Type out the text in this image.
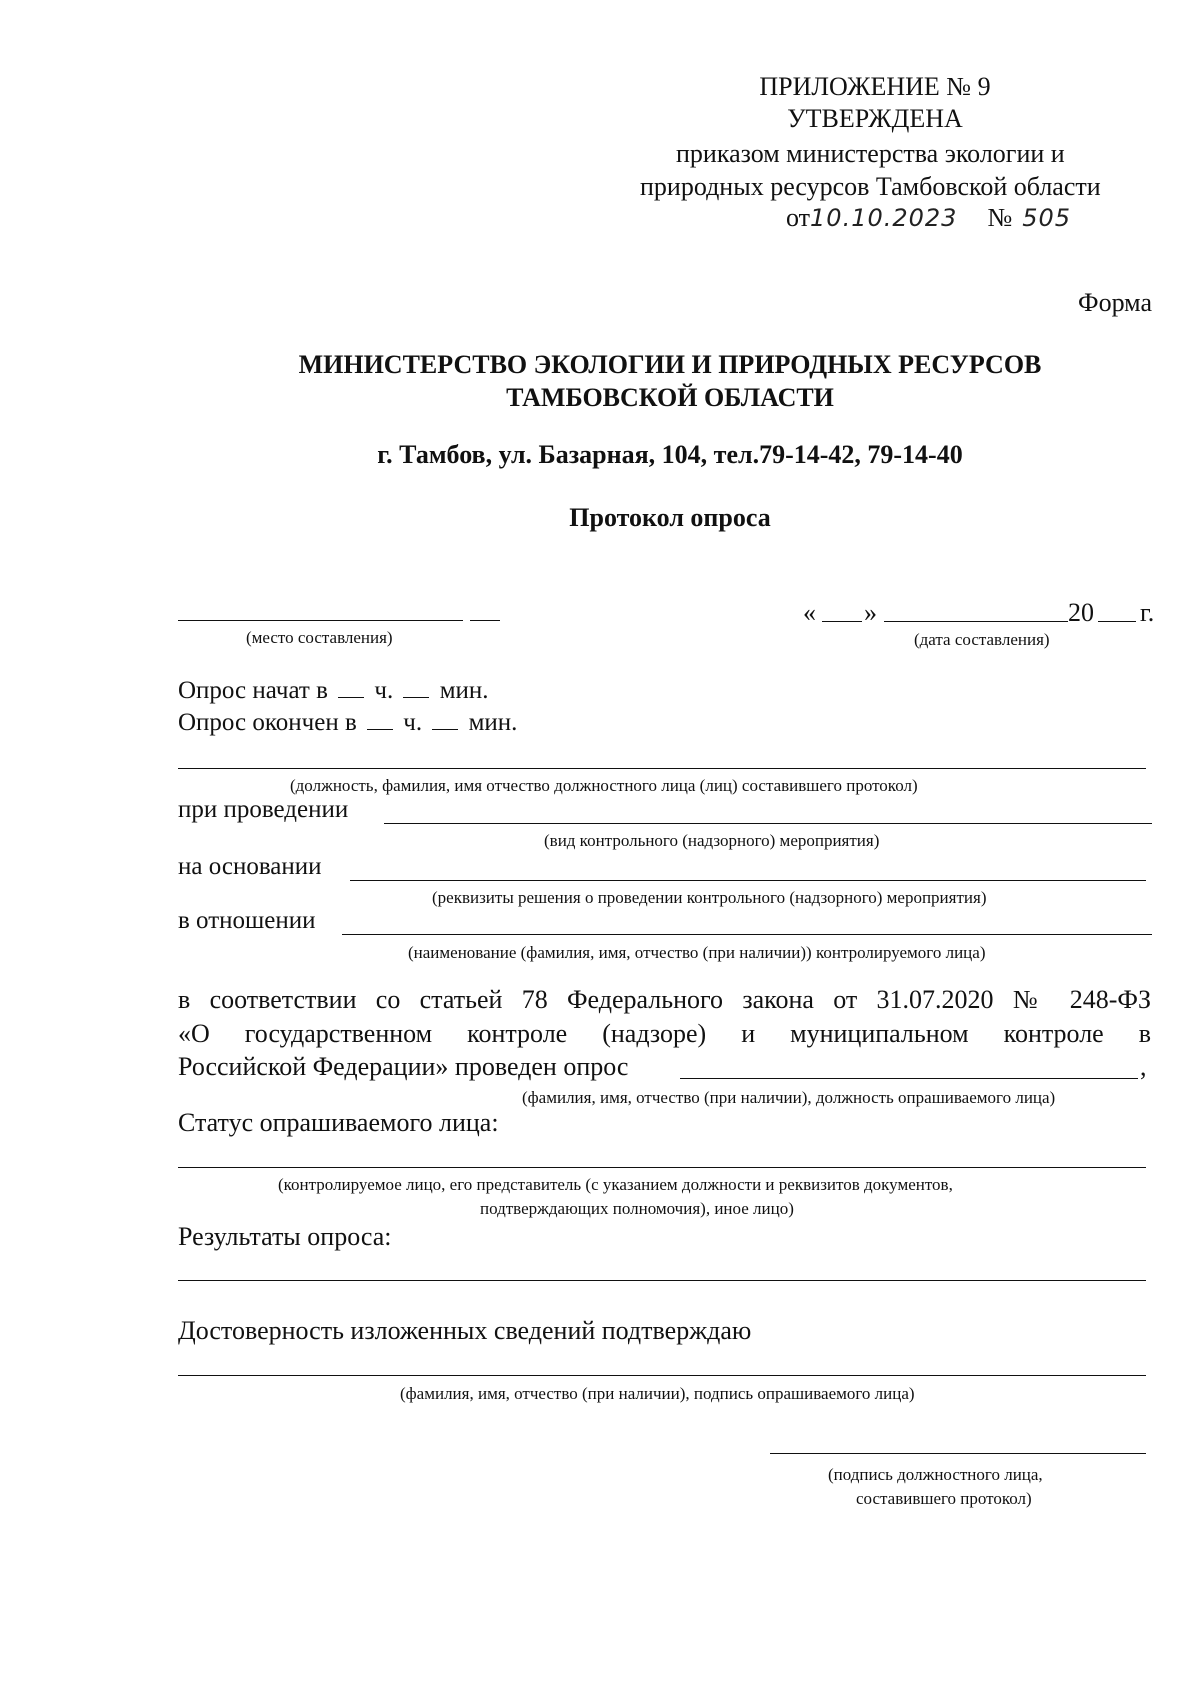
ПРИЛОЖЕНИЕ № 9
УТВЕРЖДЕНА
приказом министерства экологии и
природных ресурсов Тамбовской области
от10.10.2023 № 505
Форма
МИНИСТЕРСТВО ЭКОЛОГИИ И ПРИРОДНЫХ РЕСУРСОВ
ТАМБОВСКОЙ ОБЛАСТИ
г. Тамбов, ул. Базарная, 104, тел.79-14-42, 79-14-40
Протокол опроса
(место составления)
« »	20 г.
(дата составления)
Опрос начат в ч. мин.
Опрос окончен в ч. мин.
(должность, фамилия, имя отчество должностного лица (лиц) составившего протокол)
при проведении
(вид контрольного (надзорного) мероприятия)
на основании
(реквизиты решения о проведении контрольного (надзорного) мероприятия)
в отношении
(наименование (фамилия, имя, отчество (при наличии)) контролируемого лица)
в соответствии со статьей 78 Федерального закона от 31.07.2020 № 248-ФЗ
«О государственном контроле (надзоре) и муниципальном контроле в
Российской Федерации» проведен опрос	,
(фамилия, имя, отчество (при наличии), должность опрашиваемого лица)
Статус опрашиваемого лица:
(контролируемое лицо, его представитель (с указанием должности и реквизитов документов,
подтверждающих полномочия), иное лицо)
Результаты опроса:
Достоверность изложенных сведений подтверждаю
(фамилия, имя, отчество (при наличии), подпись опрашиваемого лица)
(подпись должностного лица,
составившего протокол)
